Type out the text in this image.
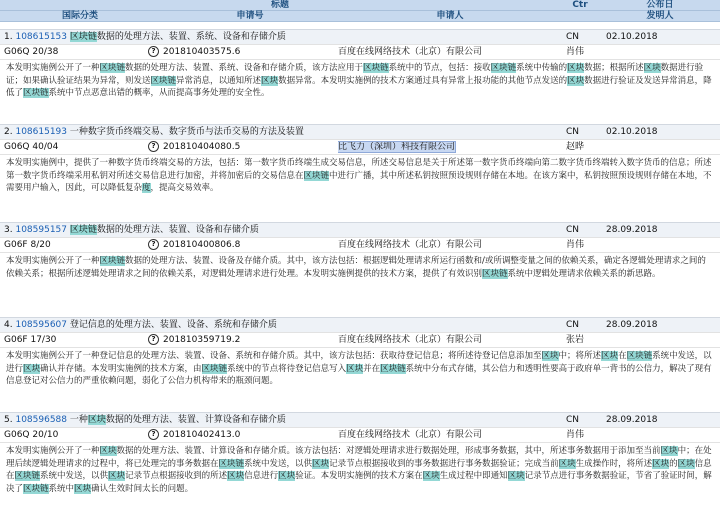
标题	Ctr	公布日
国际分类	申请号	申请人	发明人
1. 108615153 区块链数据的处理方法、装置、系统、设备和存储介质	CN	02.10.2018
G06Q 20/38	? 201810403575.6	百度在线网络技术（北京）有限公司	肖伟
本发明实施例公开了一种区块链数据的处理方法、装置、系统、设备和存储介质，该方法应用于区块链系统中的节点，包括：接收区块链系统中传输的区块数据；根据所述区块数据进行验证；如果确认验证结果为异常，则发送区块链异常消息，以通知所述区块数据异常。本发明实施例的技术方案通过具有异常上报功能的其他节点发送的区块数据进行验证及发送异常消息，降低了区块链系统中节点恶意出错的概率，从而提高事务处理的安全性。
2. 108615193 一种数字货币终端交易、数字货币与法币交易的方法及装置	CN	02.10.2018
G06Q 40/04	? 201810404080.5	比飞力（深圳）科技有限公司	赵晔
本发明实施例中，提供了一种数字货币终端交易的方法，包括：第一数字货币终端生成交易信息，所述交易信息是关于所述第一数字货币终端向第二数字货币终端转入数字货币的信息；所述第一数字货币终端采用私钥对所述交易信息进行加密，并将加密后的交易信息在区块链中进行广播，其中所述私钥按照预设规则存储在本地。在该方案中，私钥按照预设规则存储在本地，不需要用户输入，因此，可以降低复杂度，提高交易效率。
3. 108595157 区块链数据的处理方法、装置、设备和存储介质	CN	28.09.2018
G06F 8/20	? 201810400806.8	百度在线网络技术（北京）有限公司	肖伟
本发明实施例公开了一种区块链数据的处理方法、装置、设备及存储介质。其中，该方法包括：根据逻辑处理请求所运行函数和/或所调整变量之间的依赖关系，确定各逻辑处理请求之间的依赖关系；根据所述逻辑处理请求之间的依赖关系，对逻辑处理请求进行处理。本发明实施例提供的技术方案，提供了有效识别区块链系统中逻辑处理请求依赖关系的新思路。
4. 108595607 登记信息的处理方法、装置、设备、系统和存储介质	CN	28.09.2018
G06F 17/30	? 201810359719.2	百度在线网络技术（北京）有限公司	张岩
本发明实施例公开了一种登记信息的处理方法、装置、设备、系统和存储介质。其中，该方法包括：获取待登记信息；将所述待登记信息添加至区块中；将所述区块在区块链系统中发送，以进行区块确认并存储。本发明实施例的技术方案，由区块链系统中的节点将待登记信息写入区块并在区块链系统中分布式存储，其公信力和透明性要高于政府单一背书的公信力，解决了现有信息登记对公信力的严重依赖问题，弱化了公信力机构带来的瓶颈问题。
5. 108596588 一种区块数据的处理方法、装置、计算设备和存储介质	CN	28.09.2018
G06Q 20/10	? 201810402413.0	百度在线网络技术（北京）有限公司	肖伟
本发明实施例公开了一种区块数据的处理方法、装置、计算设备和存储介质。该方法包括：对逻辑处理请求进行数据处理，形成事务数据，其中，所述事务数据用于添加至当前区块中；在处理后续逻辑处理请求的过程中，将已处理完的事务数据在区块链系统中发送，以供区块记录节点根据接收到的事务数据进行事务数据验证；完成当前区块生成操作时，将所述区块的区块信息在区块链系统中发送，以供区块记录节点根据接收到的所述区块信息进行区块验证。本发明实施例的技术方案在区块生成过程中即通知区块记录节点进行事务数据验证，节省了验证时间，解决了区块链系统中区块确认生效时间太长的问题。
